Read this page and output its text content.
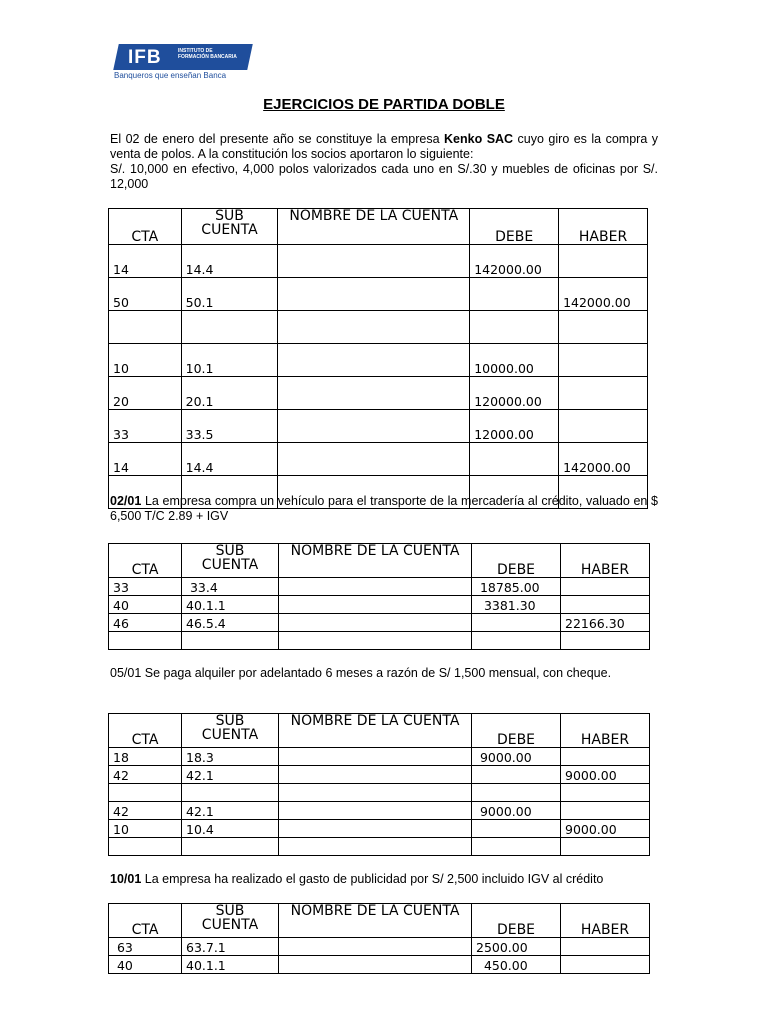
IFB	INSTITUTO DE FORMACIÓN BANCARIA
Banqueros que enseñan Banca
EJERCICIOS DE PARTIDA DOBLE
El 02 de enero del presente año se constituye la empresa Kenko SAC cuyo giro es la compra y venta de polos. A la constitución los socios aportaron lo siguiente:
S/. 10,000 en efectivo, 4,000 polos valorizados cada uno en S/.30 y muebles de oficinas por S/. 12,000
CTA	SUB CUENTA	NOMBRE DE LA CUENTA	DEBE	HABER
14	14.4		142000.00	
50	50.1			142000.00

10	10.1		10000.00	
20	20.1		120000.00	
33	33.5		12000.00	
14	14.4			142000.00

02/01 La empresa compra un vehículo para el transporte de la mercadería al crédito, valuado en $ 6,500 T/C 2.89 + IGV
CTA	SUB CUENTA	NOMBRE DE LA CUENTA	DEBE	HABER
33	33.4		18785.00	
40	40.1.1		3381.30	
46	46.5.4			22166.30

05/01 Se paga alquiler por adelantado 6 meses a razón de S/ 1,500 mensual, con cheque.
CTA	SUB CUENTA	NOMBRE DE LA CUENTA	DEBE	HABER
18	18.3		9000.00	
42	42.1			9000.00

42	42.1		9000.00	
10	10.4			9000.00

10/01 La empresa ha realizado el gasto de publicidad por S/ 2,500 incluido IGV al crédito
CTA	SUB CUENTA	NOMBRE DE LA CUENTA	DEBE	HABER
63	63.7.1		2500.00	
40	40.1.1		450.00	
